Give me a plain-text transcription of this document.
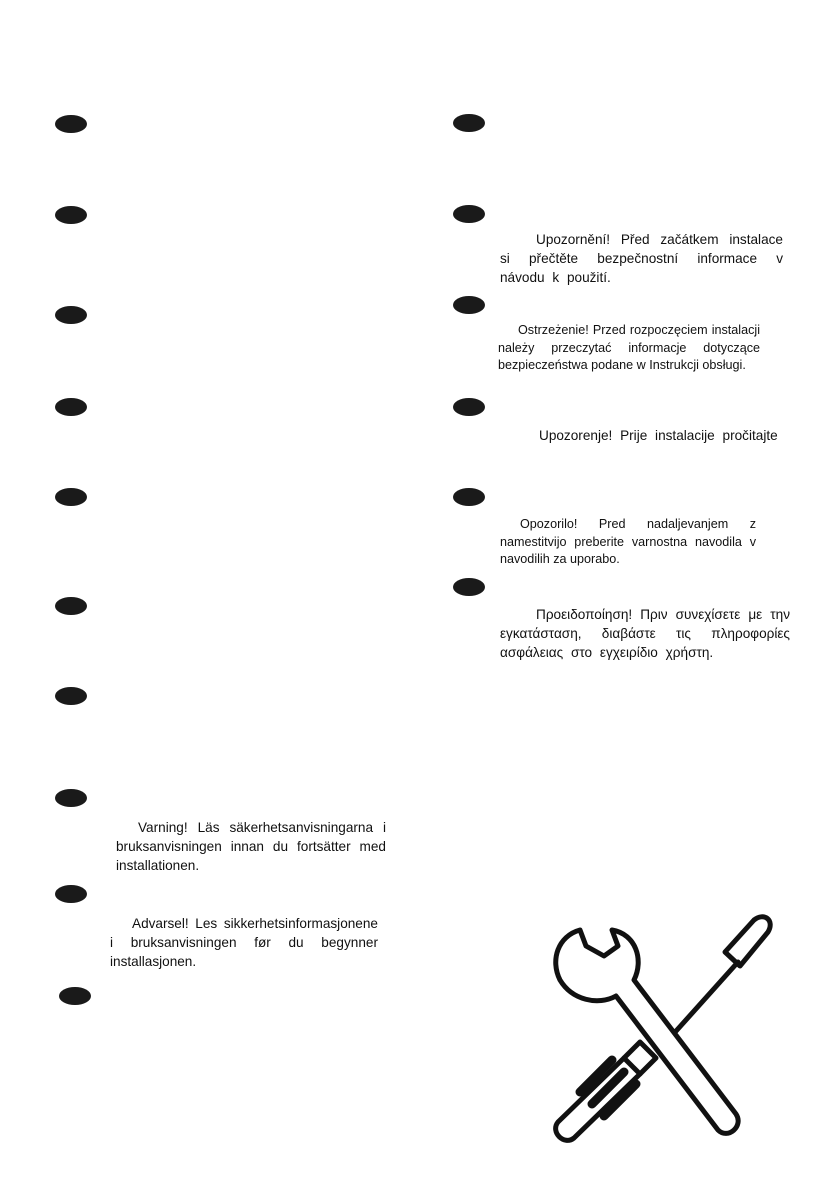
Upozornění! Před začátkem instalace si přečtěte bezpečnostní informace v návodu k použití.

Ostrzeżenie! Przed rozpoczęciem instalacji należy przeczytać informacje dotyczące bezpieczeństwa podane w Instrukcji obsługi.

Upozorenje! Prije instalacije pročitajte

Opozorilo! Pred nadaljevanjem z namestitvijo preberite varnostna navodila v navodilih za uporabo.

Προειδοποίηση! Πριν συνεχίσετε με την εγκατάσταση, διαβάστε τις πληροφορίες ασφάλειας στο εγχειρίδιο χρήστη.

Varning! Läs säkerhetsanvisningarna i bruksanvisningen innan du fortsätter med installationen.

Advarsel! Les sikkerhetsinformasjonene i bruksanvisningen før du begynner installasjonen.
